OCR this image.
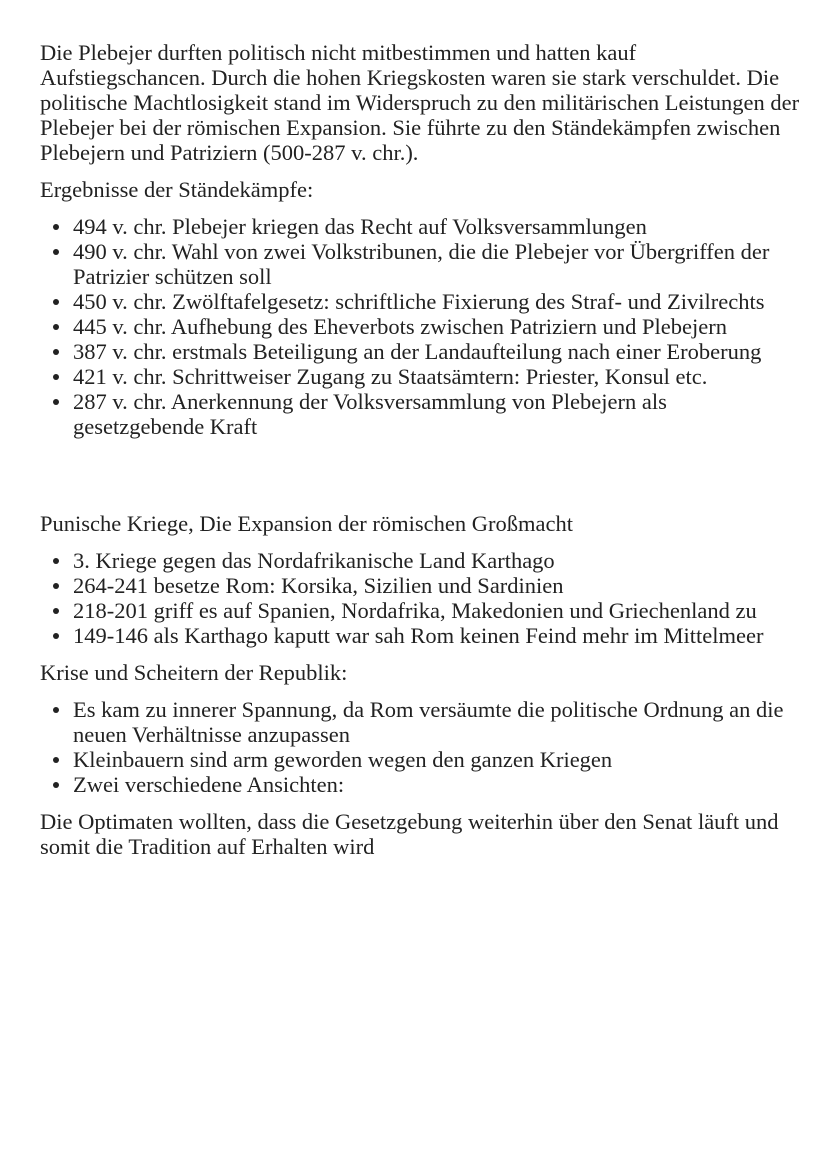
Die Plebejer durften politisch nicht mitbestimmen und hatten kauf Aufstiegschancen. Durch die hohen Kriegskosten waren sie stark verschuldet. Die politische Machtlosigkeit stand im Widerspruch zu den militärischen Leistungen der Plebejer bei der römischen Expansion. Sie führte zu den Ständekämpfen zwischen Plebejern und Patriziern (500-287 v. chr.).

Ergebnisse der Ständekämpfe:

494 v. chr. Plebejer kriegen das Recht auf Volksversammlungen
490 v. chr. Wahl von zwei Volkstribunen, die die Plebejer vor Übergriffen der Patrizier schützen soll
450 v. chr. Zwölftafelgesetz: schriftliche Fixierung des Straf- und Zivilrechts
445 v. chr. Aufhebung des Eheverbots zwischen Patriziern und Plebejern
387 v. chr. erstmals Beteiligung an der Landaufteilung nach einer Eroberung
421 v. chr. Schrittweiser Zugang zu Staatsämtern: Priester, Konsul etc.
287 v. chr. Anerkennung der Volksversammlung von Plebejern als gesetzgebende Kraft

Punische Kriege, Die Expansion der römischen Großmacht

3. Kriege gegen das Nordafrikanische Land Karthago
264-241 besetze Rom: Korsika, Sizilien und Sardinien
218-201 griff es auf Spanien, Nordafrika, Makedonien und Griechenland zu
149-146 als Karthago kaputt war sah Rom keinen Feind mehr im Mittelmeer

Krise und Scheitern der Republik:

Es kam zu innerer Spannung, da Rom versäumte die politische Ordnung an die neuen Verhältnisse anzupassen
Kleinbauern sind arm geworden wegen den ganzen Kriegen
Zwei verschiedene Ansichten:

Die Optimaten wollten, dass die Gesetzgebung weiterhin über den Senat läuft und somit die Tradition auf Erhalten wird
